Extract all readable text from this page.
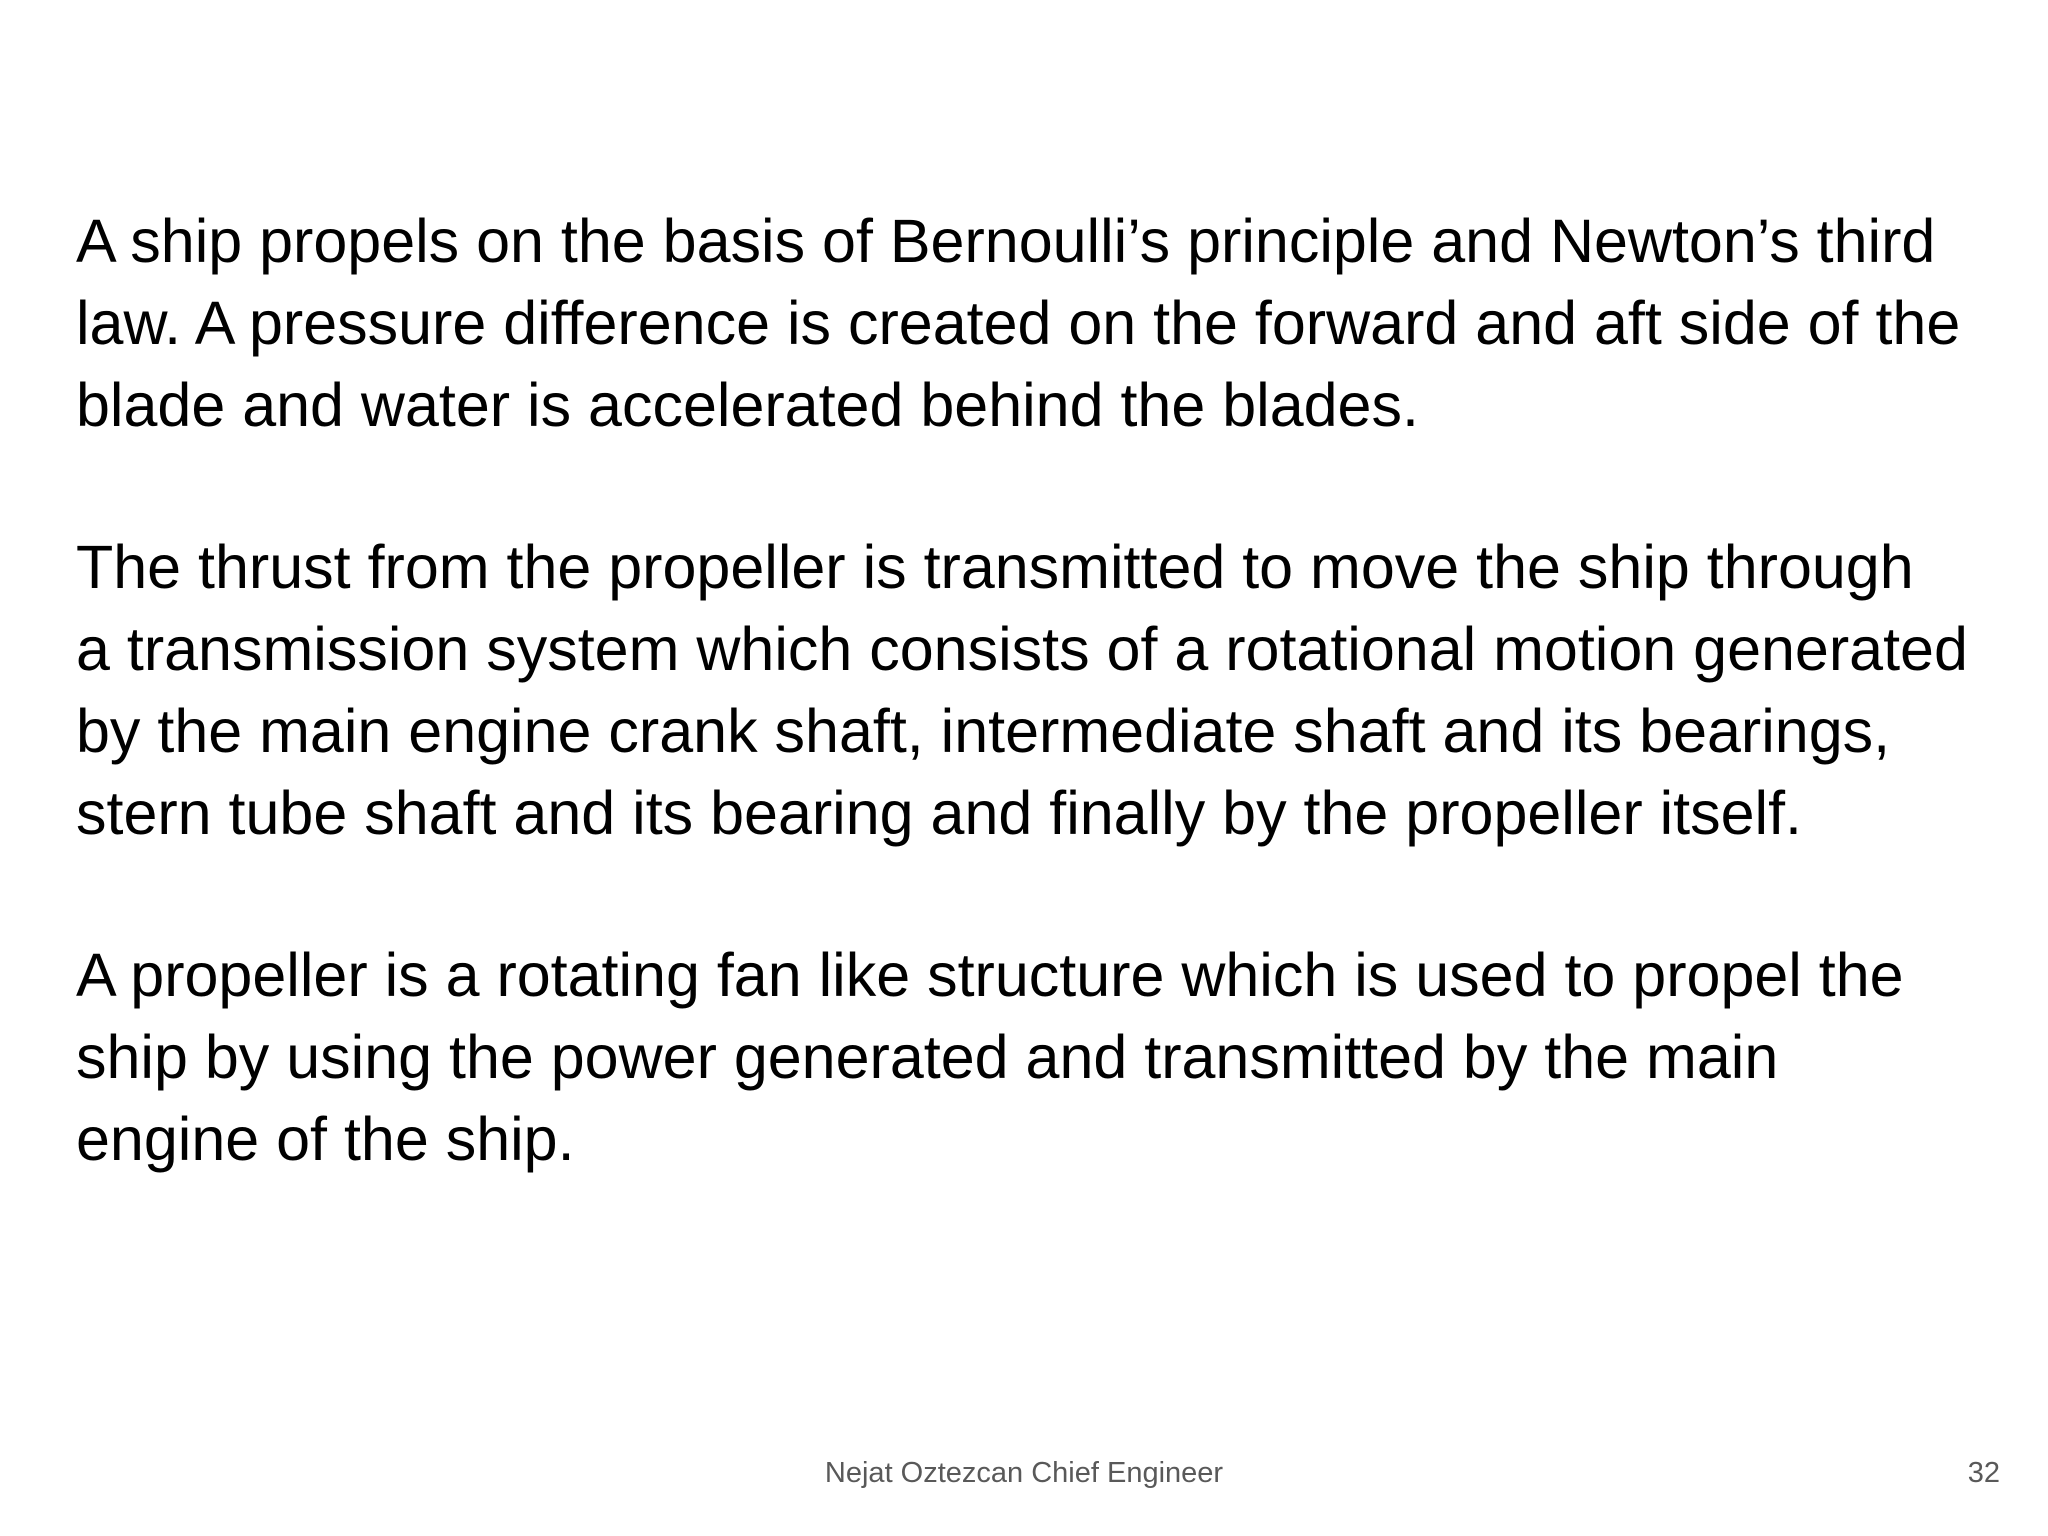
A ship propels on the basis of Bernoulli’s principle and Newton’s third
law. A pressure difference is created on the forward and aft side of the
blade and water is accelerated behind the blades.

The thrust from the propeller is transmitted to move the ship through
a transmission system which consists of a rotational motion generated
by the main engine crank shaft, intermediate shaft and its bearings,
stern tube shaft and its bearing and finally by the propeller itself.

A propeller is a rotating fan like structure which is used to propel the
ship by using the power generated and transmitted by the main
engine of the ship.

Nejat Oztezcan Chief Engineer	32
